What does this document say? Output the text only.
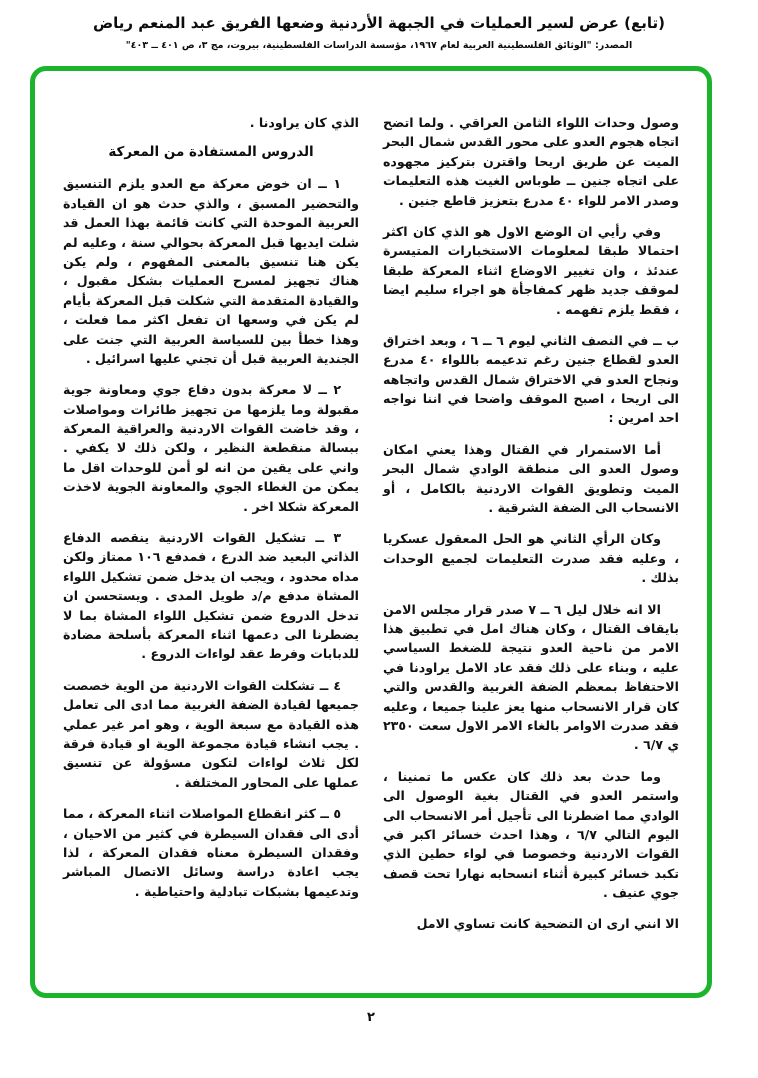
(تابع) عرض لسير العمليات في الجبهة الأردنية وضعها الفريق عبد المنعم رياض
المصدر: "الوثائق الفلسطينية العربية لعام ١٩٦٧، مؤسسة الدراسات الفلسطينية، بيروت، مج ٣، ص ٤٠١ ــ ٤٠٣"

وصول وحدات اللواء الثامن العراقي . ولما اتضح اتجاه هجوم العدو على محور القدس شمال البحر الميت عن طريق اريحا واقترن بتركيز مجهوده على اتجاه جنين ــ طوباس الغيت هذه التعليمات وصدر الامر للواء ٤٠ مدرع بتعزيز قاطع جنين .

وفي رأيي ان الوضع الاول هو الذي كان اكثر احتمالا طبقا لمعلومات الاستخبارات المتيسرة عندئذ ، وان تغيير الاوضاع اثناء المعركة طبقا لموقف جديد ظهر كمفاجأة هو اجراء سليم ايضا ، فقط يلزم تفهمه .

ب ــ في النصف الثاني ليوم ٦ ــ ٦ ، وبعد اختراق العدو لقطاع جنين رغم تدعيمه باللواء ٤٠ مدرع ونجاح العدو في الاختراق شمال القدس واتجاهه الى اريحا ، اصبح الموقف واضحا في اننا نواجه احد امرين :

أما الاستمرار في القتال وهذا يعني امكان وصول العدو الى منطقة الوادي شمال البحر الميت وتطويق القوات الاردنية بالكامل ، أو الانسحاب الى الضفة الشرقية .

وكان الرأي الثاني هو الحل المعقول عسكريا ، وعليه فقد صدرت التعليمات لجميع الوحدات بذلك .

الا انه خلال ليل ٦ ــ ٧ صدر قرار مجلس الامن بايقاف القتال ، وكان هناك امل في تطبيق هذا الامر من ناحية العدو نتيجة للضغط السياسي عليه ، وبناء على ذلك فقد عاد الامل يراودنا في الاحتفاظ بمعظم الضفة الغربية والقدس والتي كان قرار الانسحاب منها يعز علينا جميعا ، وعليه فقد صدرت الاوامر بالغاء الامر الاول سعت ٢٣٥٠ ي ٦/٧ .

وما حدث بعد ذلك كان عكس ما تمنينا ، واستمر العدو في القتال بغية الوصول الى الوادي مما اضطرنا الى تأجيل أمر الانسحاب الى اليوم التالي ٦/٧ ، وهذا احدث خسائر اكبر في القوات الاردنية وخصوصا في لواء حطين الذي تكبد خسائر كبيرة أثناء انسحابه نهارا تحت قصف جوي عنيف .

الا انني ارى ان التضحية كانت تساوي الامل

الذي كان يراودنا .

الدروس المستفادة من المعركة

١ ــ ان خوض معركة مع العدو يلزم التنسيق والتحضير المسبق ، والذي حدث هو ان القيادة العربية الموحدة التي كانت قائمة بهذا العمل قد شلت ايديها قبل المعركة بحوالي سنة ، وعليه لم يكن هنا تنسيق بالمعنى المفهوم ، ولم يكن هناك تجهيز لمسرح العمليات بشكل مقبول ، والقيادة المتقدمة التي شكلت قبل المعركة بأيام لم يكن في وسعها ان تفعل اكثر مما فعلت ، وهذا خطأ بين للسياسة العربية التي جنت على الجندية العربية قبل أن تجني عليها اسرائيل .

٢ ــ لا معركة بدون دفاع جوي ومعاونة جوية مقبولة وما يلزمها من تجهيز طائرات ومواصلات ، وقد خاضت القوات الاردنية والعراقية المعركة ببسالة منقطعة النظير ، ولكن ذلك لا يكفي . واني على يقين من انه لو أمن للوحدات اقل ما يمكن من الغطاء الجوي والمعاونة الجوية لاخذت المعركة شكلا اخر .

٣ ــ تشكيل القوات الاردنية ينقصه الدفاع الذاتي البعيد ضد الدرع ، فمدفع ١٠٦ ممتاز ولكن مداه محدود ، ويجب ان يدخل ضمن تشكيل اللواء المشاة مدفع م/د طويل المدى . ويستحسن ان تدخل الدروع ضمن تشكيل اللواء المشاة بما لا يضطرنا الى دعمها اثناء المعركة بأسلحة مضادة للدبابات وفرط عقد لواءات الدروع .

٤ ــ تشكلت القوات الاردنية من الوية خصصت جميعها لقيادة الضفة الغربية مما ادى الى تعامل هذه القيادة مع سبعة الوية ، وهو امر غير عملي . يجب انشاء قيادة مجموعة الوية او قيادة فرقة لكل ثلاث لواءات لتكون مسؤولة عن تنسيق عملها على المحاور المختلفة .

٥ ــ كثر انقطاع المواصلات اثناء المعركة ، مما أدى الى فقدان السيطرة في كثير من الاحيان ، وفقدان السيطرة معناه فقدان المعركة ، لذا يجب اعادة دراسة وسائل الاتصال المباشر وتدعيمها بشبكات تبادلية واحتياطية .

٢
